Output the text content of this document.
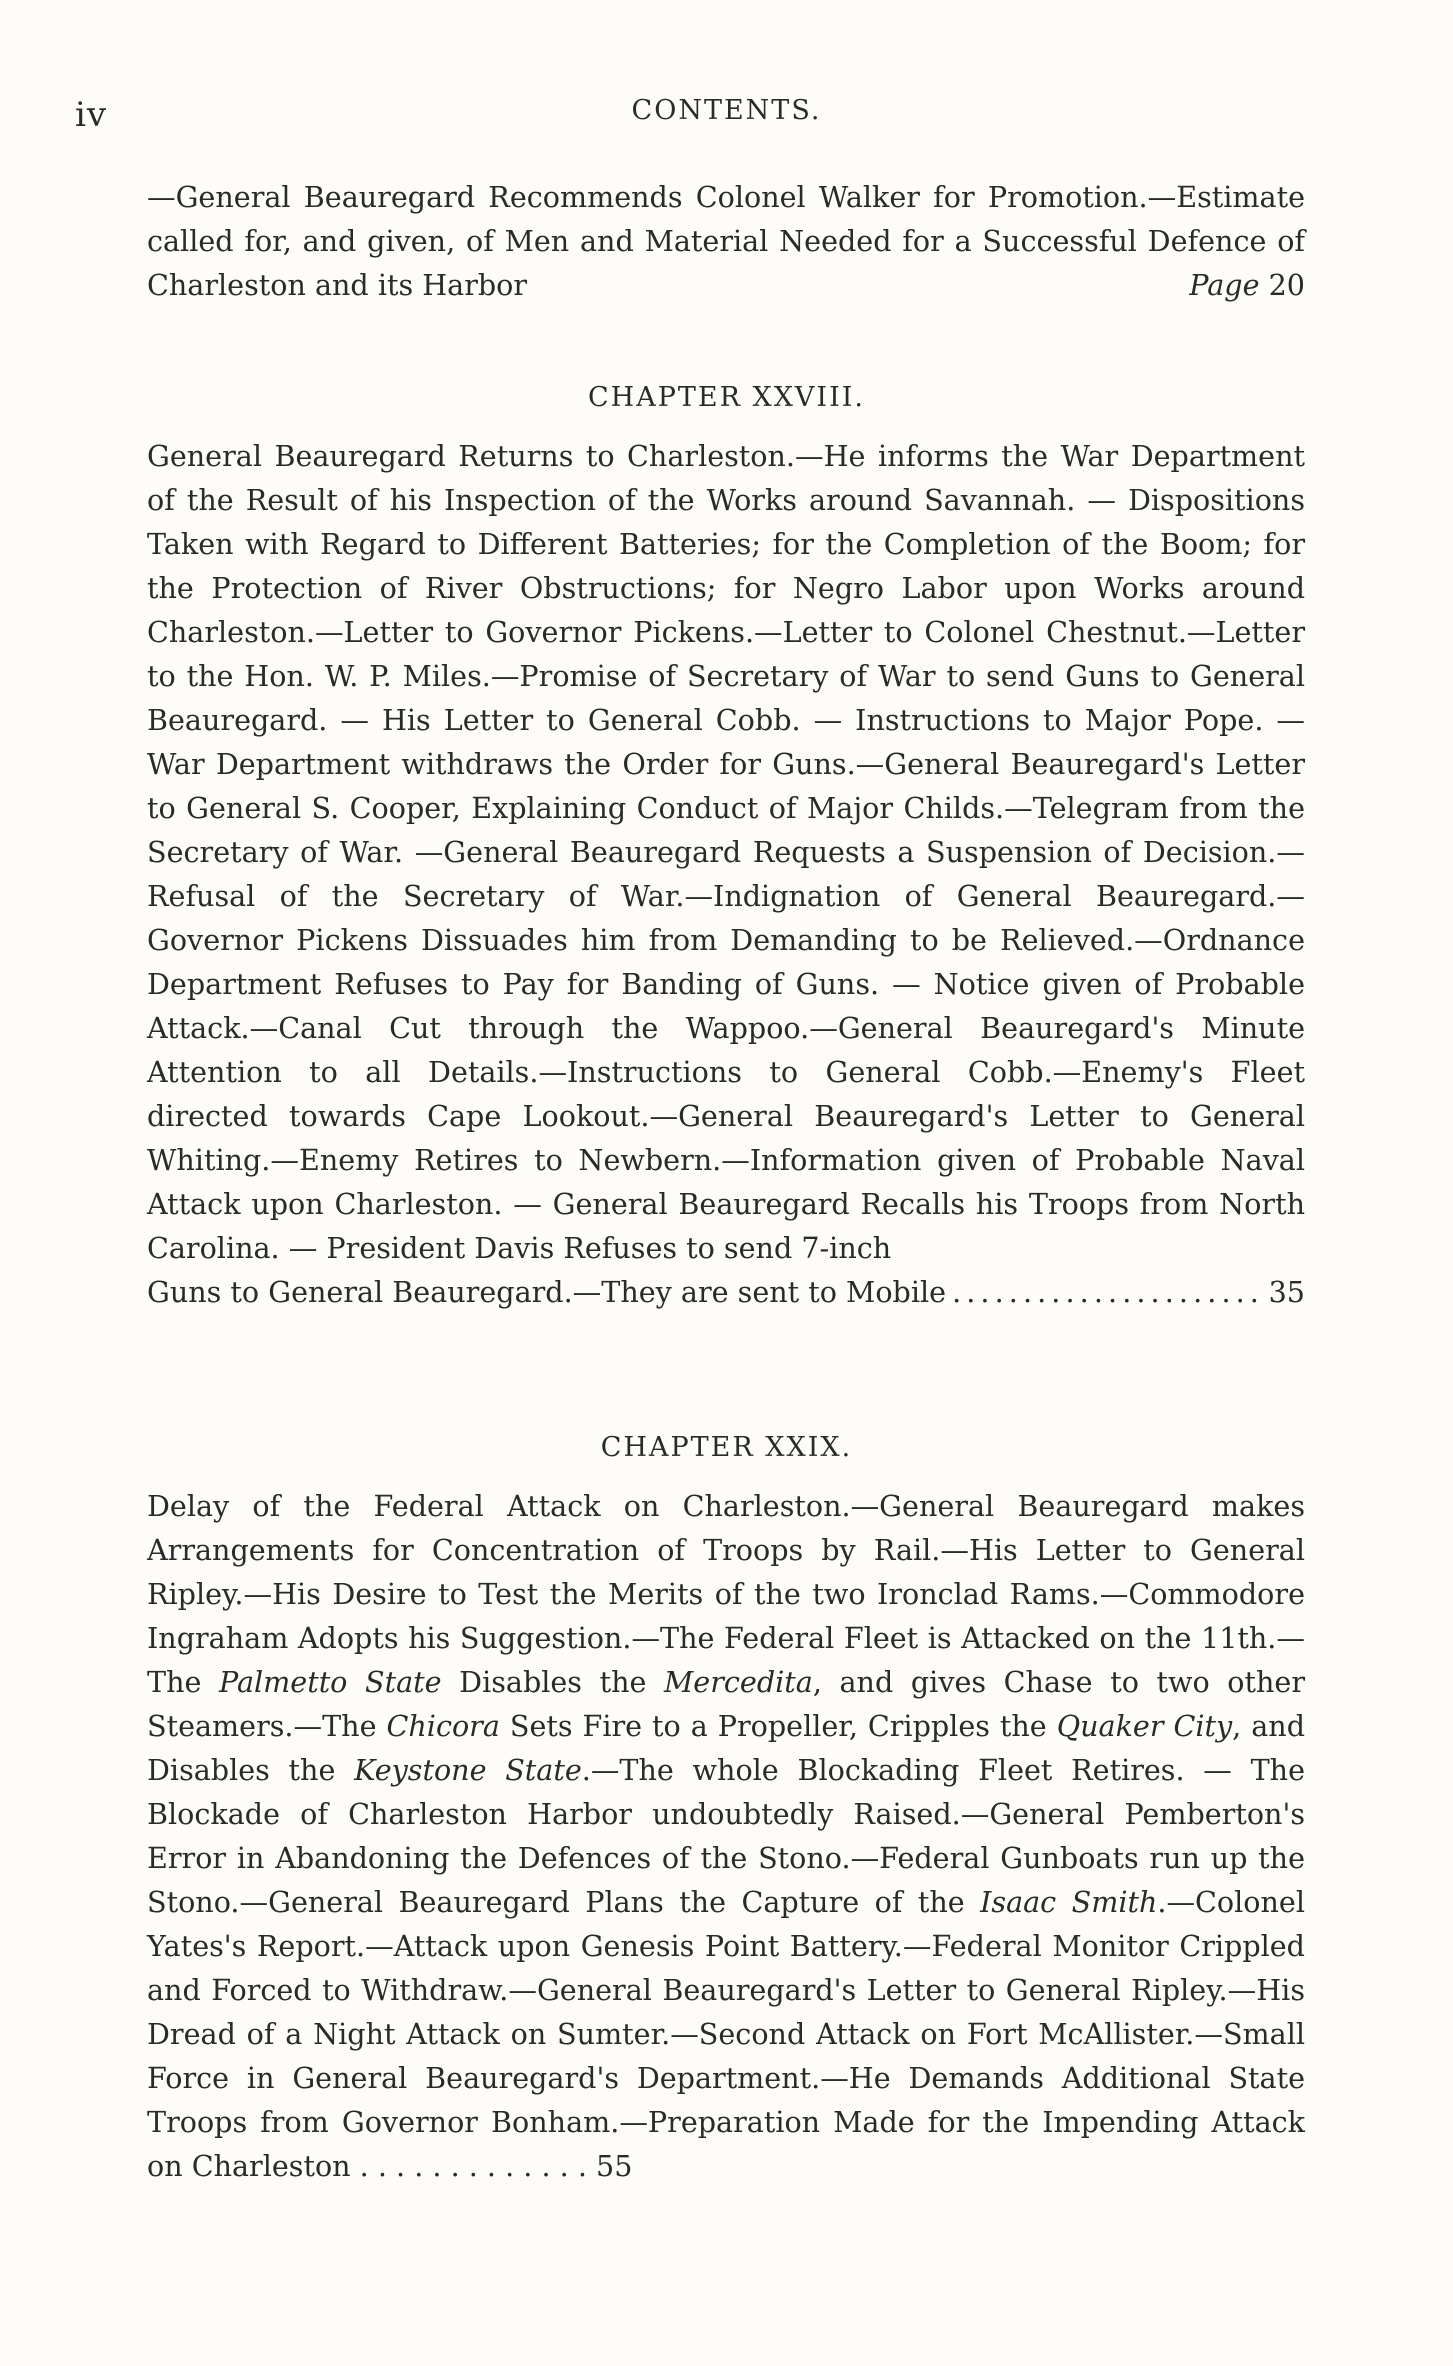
iv	CONTENTS.
—General Beauregard Recommends Colonel Walker for Promotion.—Estimate called for, and given, of Men and Material Needed for a Successful Defence of Charleston and its Harbor	Page 20
CHAPTER XXVIII.

General Beauregard Returns to Charleston.—He informs the War Department of the Result of his Inspection of the Works around Savannah. — Dispositions Taken with Regard to Different Batteries; for the Completion of the Boom; for the Protection of River Obstructions; for Negro Labor upon Works around Charleston.—Letter to Governor Pickens.—Letter to Colonel Chestnut.—Letter to the Hon. W. P. Miles.—Promise of Secretary of War to send Guns to General Beauregard. — His Letter to General Cobb. — Instructions to Major Pope. — War Department withdraws the Order for Guns.—General Beauregard's Letter to General S. Cooper, Explaining Conduct of Major Childs.—Telegram from the Secretary of War. —General Beauregard Requests a Suspension of Decision.—Refusal of the Secretary of War.—Indignation of General Beauregard.—Governor Pickens Dissuades him from Demanding to be Relieved.—Ordnance Department Refuses to Pay for Banding of Guns. — Notice given of Probable Attack.—Canal Cut through the Wappoo.—General Beauregard's Minute Attention to all Details.—Instructions to General Cobb.—Enemy's Fleet directed towards Cape Lookout.—General Beauregard's Letter to General Whiting.—Enemy Retires to Newbern.—Information given of Probable Naval Attack upon Charleston. — General Beauregard Recalls his Troops from North Carolina. — President Davis Refuses to send 7-inch

Guns to General Beauregard.—They are sent to Mobile
. . .	35
CHAPTER XXIX.

Delay of the Federal Attack on Charleston.—General Beauregard makes Arrangements for Concentration of Troops by Rail.—His Letter to General Ripley.—His Desire to Test the Merits of the two Ironclad Rams.—Commodore Ingraham Adopts his Suggestion.—The Federal Fleet is Attacked on the 11th.—The Palmetto State Disables the Mercedita, and gives Chase to two other Steamers.—The Chicora Sets Fire to a Propeller, Cripples the Quaker City, and Disables the Keystone State.—The whole Blockading Fleet Retires. — The Blockade of Charleston Harbor undoubtedly Raised.—General Pemberton's Error in Abandoning the Defences of the Stono.—Federal Gunboats run up the Stono.—General Beauregard Plans the Capture of the Isaac Smith.—Colonel Yates's Report.—Attack upon Genesis Point Battery.—Federal Monitor Crippled and Forced to Withdraw.—General Beauregard's Letter to General Ripley.—His Dread of a Night Attack on Sumter.—Second Attack on Fort McAllister.—Small Force in General Beauregard's Department.—He Demands Additional State Troops from Governor Bonham.—Preparation Made for the Impending Attack on Charleston . . . . . . . . . . . . . 55
